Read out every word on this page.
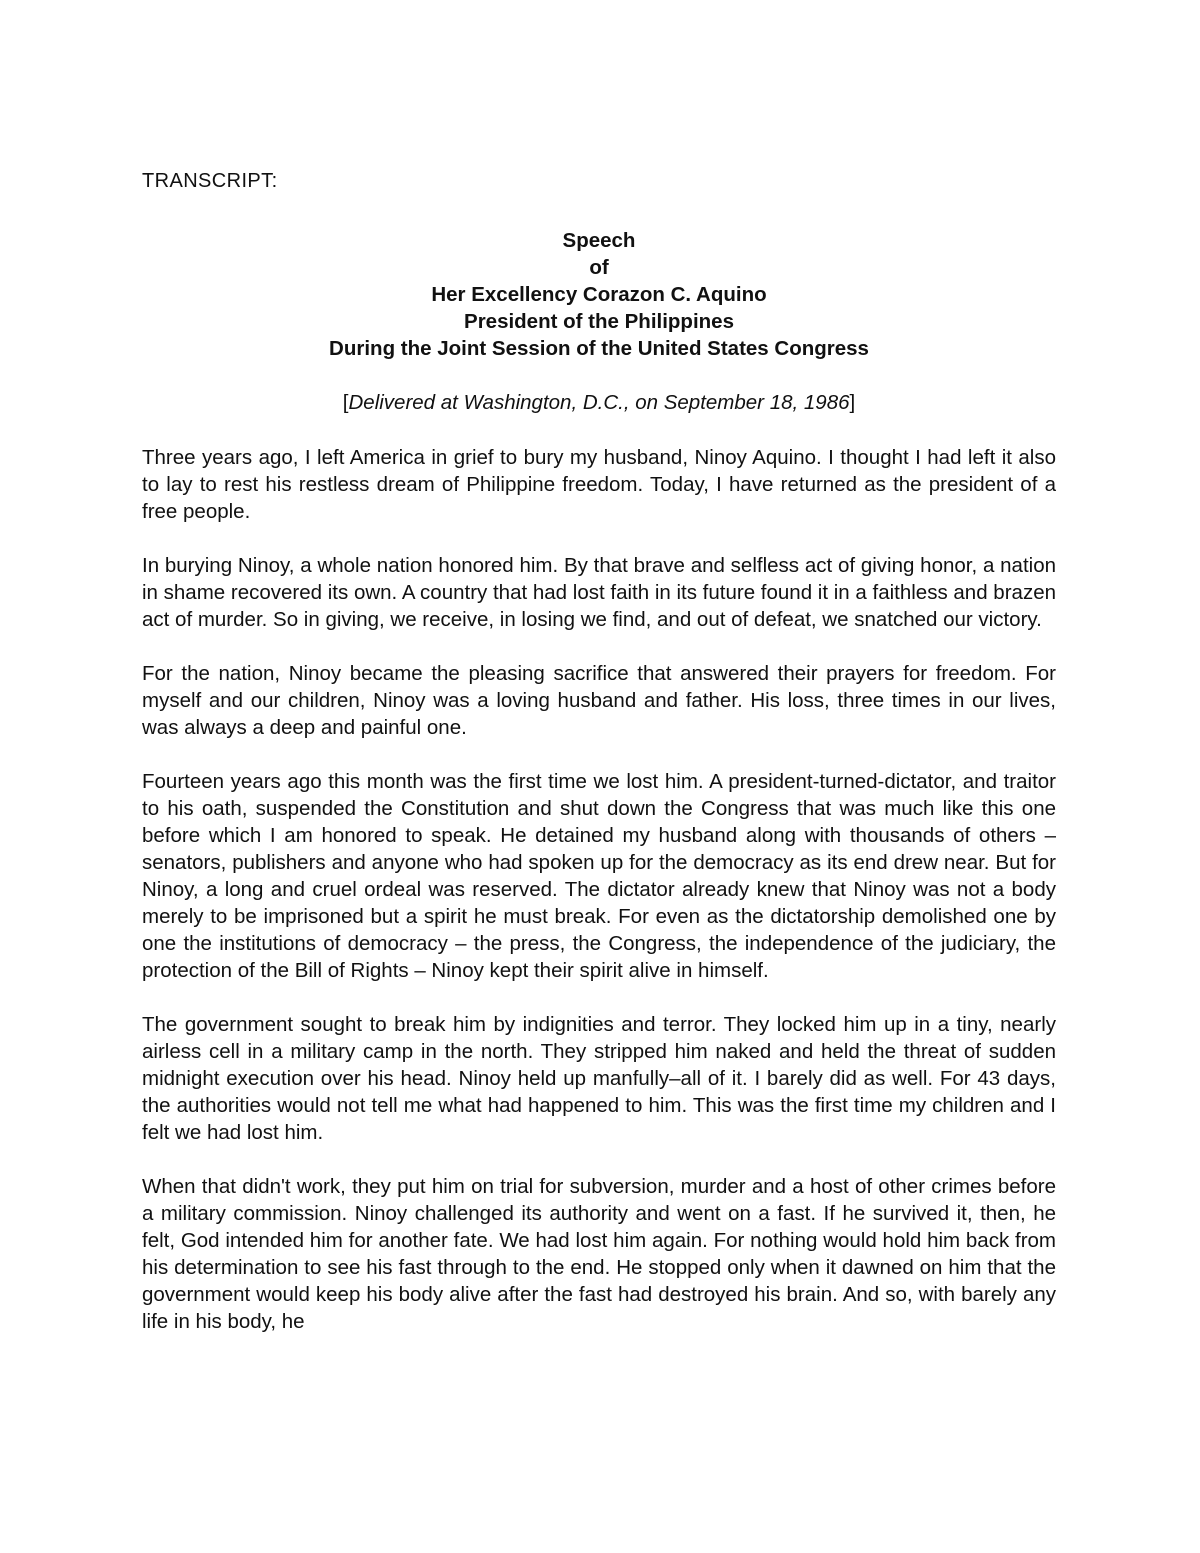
TRANSCRIPT:
Speech
of
Her Excellency Corazon C. Aquino
President of the Philippines
During the Joint Session of the United States Congress
[Delivered at Washington, D.C., on September 18, 1986]

Three years ago, I left America in grief to bury my husband, Ninoy Aquino. I thought I had left it also to lay to rest his restless dream of Philippine freedom. Today, I have returned as the president of a free people.

In burying Ninoy, a whole nation honored him. By that brave and selfless act of giving honor, a nation in shame recovered its own. A country that had lost faith in its future found it in a faithless and brazen act of murder. So in giving, we receive, in losing we find, and out of defeat, we snatched our victory.

For the nation, Ninoy became the pleasing sacrifice that answered their prayers for freedom. For myself and our children, Ninoy was a loving husband and father. His loss, three times in our lives, was always a deep and painful one.

Fourteen years ago this month was the first time we lost him. A president-turned-dictator, and traitor to his oath, suspended the Constitution and shut down the Congress that was much like this one before which I am honored to speak. He detained my husband along with thousands of others – senators, publishers and anyone who had spoken up for the democracy as its end drew near. But for Ninoy, a long and cruel ordeal was reserved. The dictator already knew that Ninoy was not a body merely to be imprisoned but a spirit he must break. For even as the dictatorship demolished one by one the institutions of democracy – the press, the Congress, the independence of the judiciary, the protection of the Bill of Rights – Ninoy kept their spirit alive in himself.

The government sought to break him by indignities and terror. They locked him up in a tiny, nearly airless cell in a military camp in the north. They stripped him naked and held the threat of sudden midnight execution over his head. Ninoy held up manfully–all of it. I barely did as well. For 43 days, the authorities would not tell me what had happened to him. This was the first time my children and I felt we had lost him.

When that didn't work, they put him on trial for subversion, murder and a host of other crimes before a military commission. Ninoy challenged its authority and went on a fast. If he survived it, then, he felt, God intended him for another fate. We had lost him again. For nothing would hold him back from his determination to see his fast through to the end. He stopped only when it dawned on him that the government would keep his body alive after the fast had destroyed his brain. And so, with barely any life in his body, he
